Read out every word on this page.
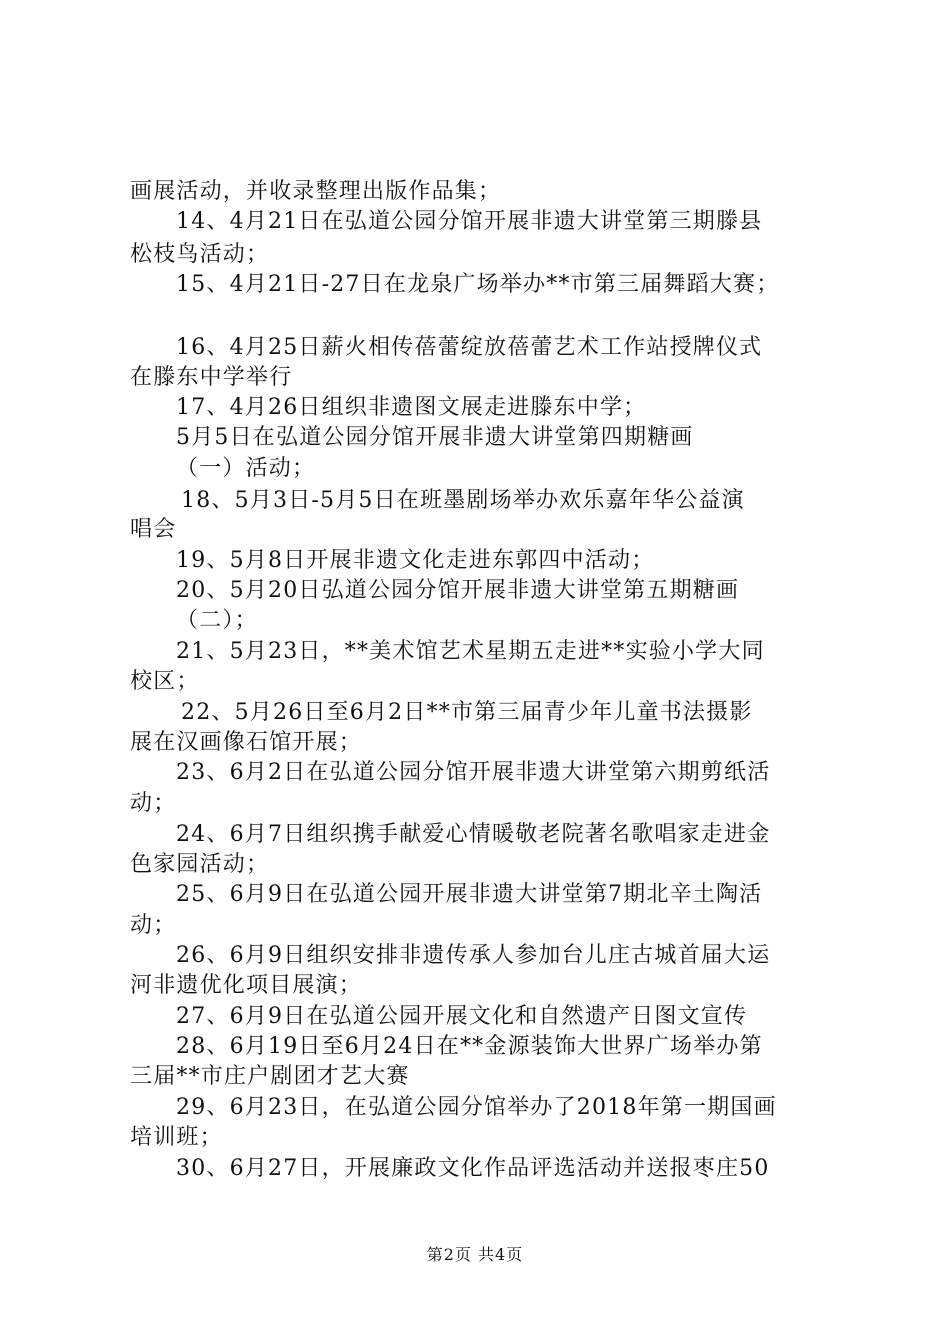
画展活动，并收录整理出版作品集；
14、4月21日在弘道公园分馆开展非遗大讲堂第三期滕县
松枝鸟活动；
15、4月21日-27日在龙泉广场举办**市第三届舞蹈大赛；
16、4月25日薪火相传蓓蕾绽放蓓蕾艺术工作站授牌仪式
在滕东中学举行
17、4月26日组织非遗图文展走进滕东中学；
5月5日在弘道公园分馆开展非遗大讲堂第四期糖画
（一）活动；
18、5月3日-5月5日在班墨剧场举办欢乐嘉年华公益演
唱会
19、5月8日开展非遗文化走进东郭四中活动；
20、5月20日弘道公园分馆开展非遗大讲堂第五期糖画
（二）；
21、5月23日，**美术馆艺术星期五走进**实验小学大同
校区；
22、5月26日至6月2日**市第三届青少年儿童书法摄影
展在汉画像石馆开展；
23、6月2日在弘道公园分馆开展非遗大讲堂第六期剪纸活
动；
24、6月7日组织携手献爱心情暖敬老院著名歌唱家走进金
色家园活动；
25、6月9日在弘道公园开展非遗大讲堂第7期北辛土陶活
动；
26、6月9日组织安排非遗传承人参加台儿庄古城首届大运
河非遗优化项目展演；
27、6月9日在弘道公园开展文化和自然遗产日图文宣传
28、6月19日至6月24日在**金源装饰大世界广场举办第
三届**市庄户剧团才艺大赛
29、6月23日，在弘道公园分馆举办了2018年第一期国画
培训班；
30、6月27日，开展廉政文化作品评选活动并送报枣庄50
第2页 共4页
